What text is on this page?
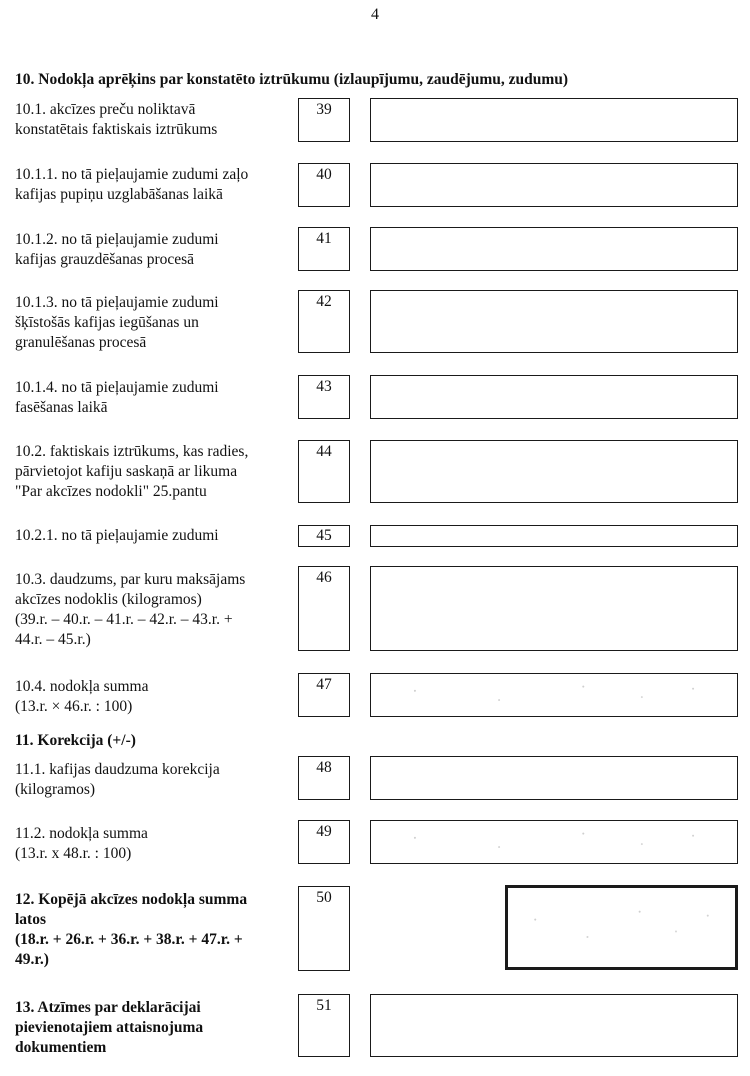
4
10. Nodokļa aprēķins par konstatēto iztrūkumu (izlaupījumu, zaudējumu, zudumu)
10.1. akcīzes preču noliktavā
konstatētais faktiskais iztrūkums
39
10.1.1. no tā pieļaujamie zudumi zaļo
kafijas pupiņu uzglabāšanas laikā
40
10.1.2. no tā pieļaujamie zudumi
kafijas grauzdēšanas procesā
41
10.1.3. no tā pieļaujamie zudumi
šķīstošās kafijas iegūšanas un
granulēšanas procesā
42
10.1.4. no tā pieļaujamie zudumi
fasēšanas laikā
43
10.2. faktiskais iztrūkums, kas radies,
pārvietojot kafiju saskaņā ar likuma
"Par akcīzes nodokli" 25.pantu
44
10.2.1. no tā pieļaujamie zudumi	45
10.3. daudzums, par kuru maksājams
akcīzes nodoklis (kilogramos)
(39.r. – 40.r. – 41.r. – 42.r. – 43.r. +
44.r. – 45.r.)
46
10.4. nodokļa summa
(13.r. × 46.r. : 100)
47
11. Korekcija (+/-)
11.1. kafijas daudzuma korekcija
(kilogramos)
48
11.2. nodokļa summa
(13.r. x 48.r. : 100)
49
12. Kopējā akcīzes nodokļa summa
latos
(18.r. + 26.r. + 36.r. + 38.r. + 47.r. +
49.r.)
50
13. Atzīmes par deklarācijai
pievienotajiem attaisnojuma
dokumentiem
51
